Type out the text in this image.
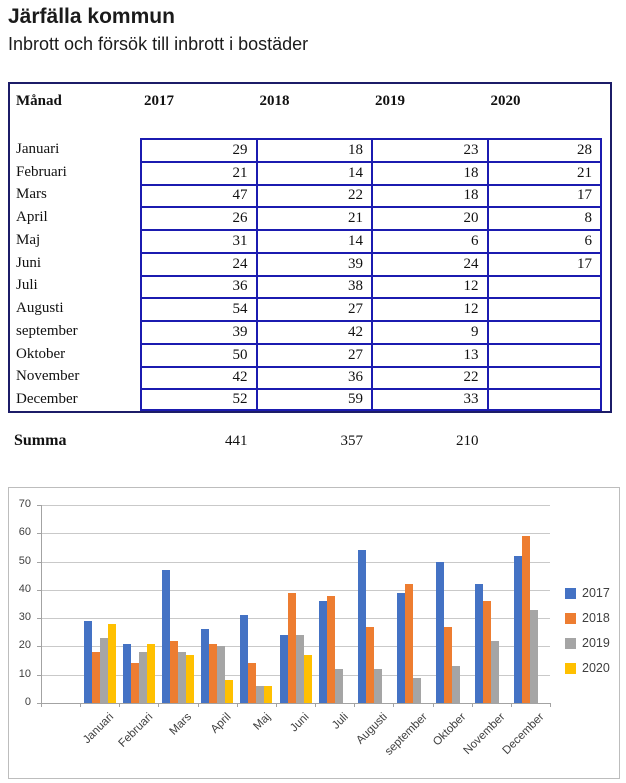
Järfälla kommun
Inbrott och försök till inbrott i bostäder
Månad	2017	2018	2019	2020
Januari	29	18	23	28
Februari	21	14	18	21
Mars	47	22	18	17
April	26	21	20	8
Maj	31	14	6	6
Juni	24	39	24	17
Juli	36	38	12
Augusti	54	27	12
september	39	42	9
Oktober	50	27	13
November	42	36	22
December	52	59	33
Summa	441	357	210
0
10
20
30
40
50
60
70
Januari Februari Mars April Maj Juni Juli Augusti
september Oktober
November
December
2017
2018
2019
2020
